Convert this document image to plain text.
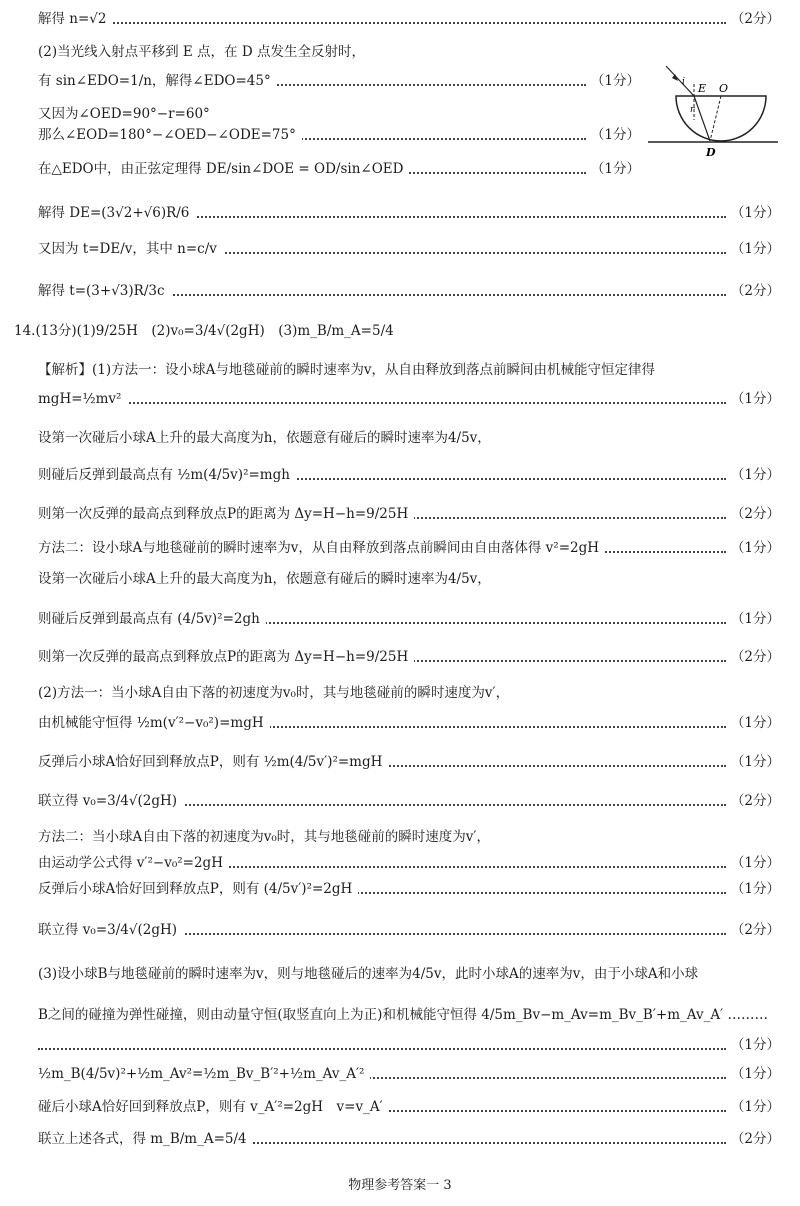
解得 n=√2	（2分）
(2)当光线入射点平移到 E 点，在 D 点发生全反射时，
有 sin∠EDO=1/n，解得∠EDO=45°	（1分）
又因为∠OED=90°−r=60°
那么∠EOD=180°−∠OED−∠ODE=75°	（1分）
在△EDO中，由正弦定理得 DE/sin∠DOE = OD/sin∠OED	（1分）
解得 DE=(3√2+√6)R/6	（1分）
又因为 t=DE/v，其中 n=c/v	（1分）
解得 t=(3+√3)R/3c	（2分）
14.(13分)(1)9/25H　(2)v₀=3/4√(2gH)　(3)m_B/m_A=5/4
【解析】(1)方法一：设小球A与地毯碰前的瞬时速率为v，从自由释放到落点前瞬间由机械能守恒定律得
mgH=½mv²	（1分）
设第一次碰后小球A上升的最大高度为h，依题意有碰后的瞬时速率为4/5v，
则碰后反弹到最高点有 ½m(4/5v)²=mgh	（1分）
则第一次反弹的最高点到释放点P的距离为 Δy=H−h=9/25H	（2分）
方法二：设小球A与地毯碰前的瞬时速率为v，从自由释放到落点前瞬间由自由落体得 v²=2gH	（1分）
设第一次碰后小球A上升的最大高度为h，依题意有碰后的瞬时速率为4/5v，
则碰后反弹到最高点有 (4/5v)²=2gh	（1分）
则第一次反弹的最高点到释放点P的距离为 Δy=H−h=9/25H	（2分）
(2)方法一：当小球A自由下落的初速度为v₀时，其与地毯碰前的瞬时速度为v′，
由机械能守恒得 ½m(v′²−v₀²)=mgH	（1分）
反弹后小球A恰好回到释放点P，则有 ½m(4/5v′)²=mgH	（1分）
联立得 v₀=3/4√(2gH)	（2分）
方法二：当小球A自由下落的初速度为v₀时，其与地毯碰前的瞬时速度为v′，
由运动学公式得 v′²−v₀²=2gH	（1分）
反弹后小球A恰好回到释放点P，则有 (4/5v′)²=2gH	（1分）
联立得 v₀=3/4√(2gH)	（2分）
(3)设小球B与地毯碰前的瞬时速率为v，则与地毯碰后的速率为4/5v，此时小球A的速率为v，由于小球A和小球
B之间的碰撞为弹性碰撞，则由动量守恒(取竖直向上为正)和机械能守恒得 4/5m_Bv−m_Av=m_Bv_B′+m_Av_A′ ………
（1分）
½m_B(4/5v)²+½m_Av²=½m_Bv_B′²+½m_Av_A′²	（1分）
碰后小球A恰好回到释放点P，则有 v_A′²=2gH　v=v_A′	（1分）
联立上述各式，得 m_B/m_A=5/4	（2分）
E O
D
i
r
物理参考答案一 3
